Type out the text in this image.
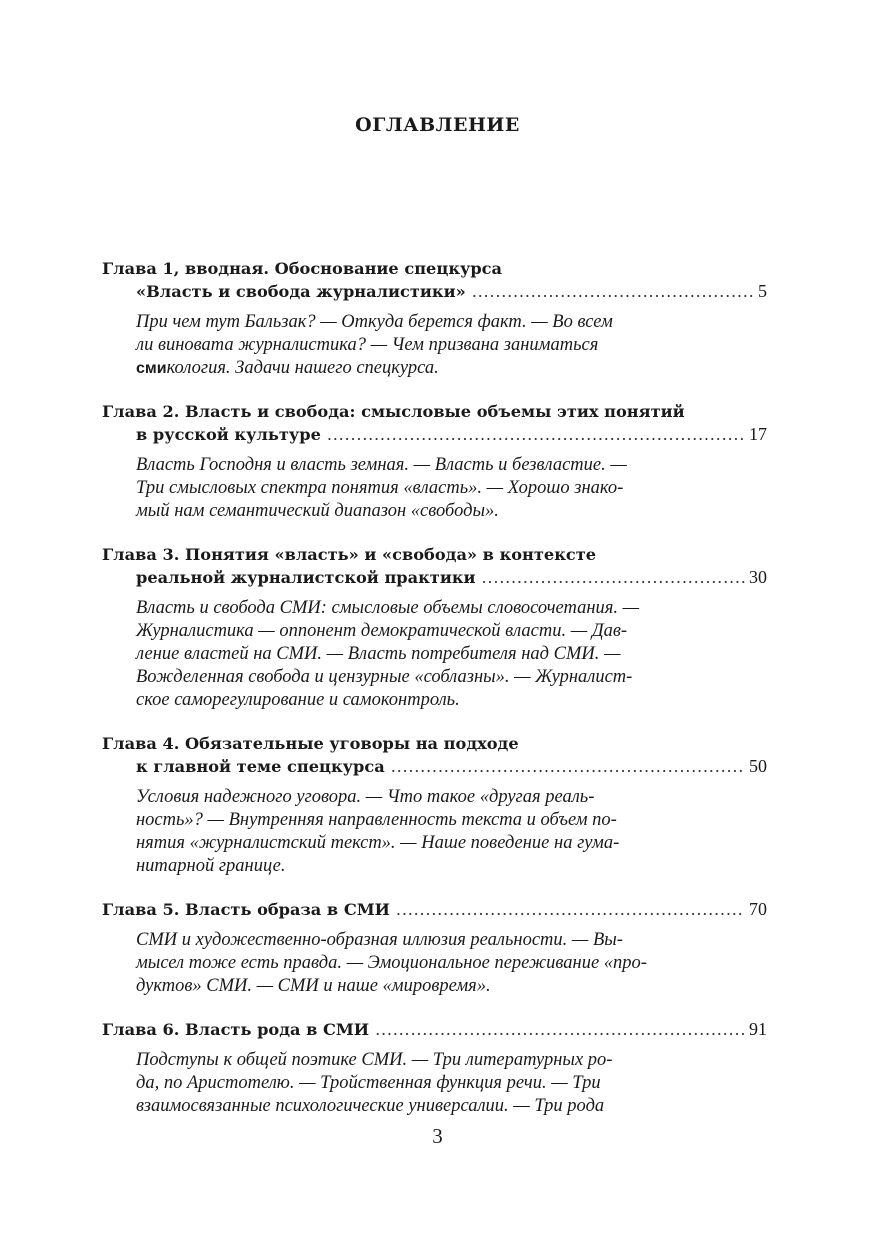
ОГЛАВЛЕНИЕ
Глава 1, вводная. Обоснование спецкурса
«Власть и свобода журналистики» . . .	5
При чем тут Бальзак? — Откуда берется факт. — Во всем
ли виновата журналистика? — Чем призвана заниматься
смикология. Задачи нашего спецкурса.
Глава 2. Власть и свобода: смысловые объемы этих понятий
в русской культуре . . .	17
Власть Господня и власть земная. — Власть и безвластие. —
Три смысловых спектра понятия «власть». — Хорошо знако-
мый нам семантический диапазон «свободы».
Глава 3. Понятия «власть» и «свобода» в контексте
реальной журналистской практики . . .	30
Власть и свобода СМИ: смысловые объемы словосочетания. —
Журналистика — оппонент демократической власти. — Дав-
ление властей на СМИ. — Власть потребителя над СМИ. —
Вожделенная свобода и цензурные «соблазны». — Журналист-
ское саморегулирование и самоконтроль.
Глава 4. Обязательные уговоры на подходе
к главной теме спецкурса . . .	50
Условия надежного уговора. — Что такое «другая реаль-
ность»? — Внутренняя направленность текста и объем по-
нятия «журналистский текст». — Наше поведение на гума-
нитарной границе.
Глава 5. Власть образа в СМИ . . .	70
СМИ и художественно-образная иллюзия реальности. — Вы-
мысел тоже есть правда. — Эмоциональное переживание «про-
дуктов» СМИ. — СМИ и наше «мировремя».
Глава 6. Власть рода в СМИ . . .	91
Подступы к общей поэтике СМИ. — Три литературных ро-
да, по Аристотелю. — Тройственная функция речи. — Три
взаимосвязанные психологические универсалии. — Три рода
3
